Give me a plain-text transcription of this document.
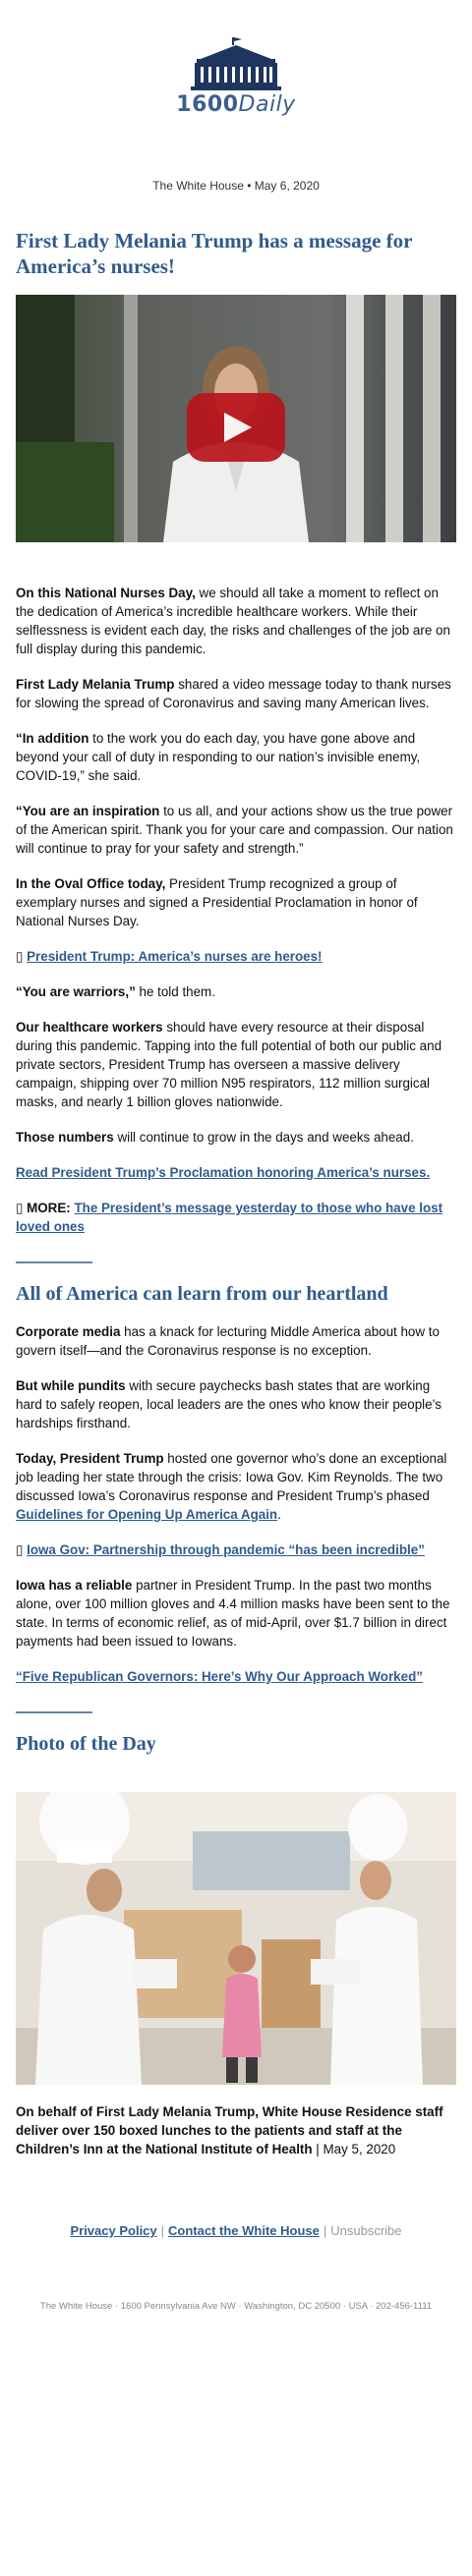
1600Daily
The White House • May 6, 2020
First Lady Melania Trump has a message for America’s nurses!

On this National Nurses Day, we should all take a moment to reflect on the dedication of America’s incredible healthcare workers. While their selflessness is evident each day, the risks and challenges of the job are on full display during this pandemic.

First Lady Melania Trump shared a video message today to thank nurses for slowing the spread of Coronavirus and saving many American lives.

“In addition to the work you do each day, you have gone above and beyond your call of duty in responding to our nation’s invisible enemy, COVID-19,” she said.

“You are an inspiration to us all, and your actions show us the true power of the American spirit. Thank you for your care and compassion. Our nation will continue to pray for your safety and strength.”

In the Oval Office today, President Trump recognized a group of exemplary nurses and signed a Presidential Proclamation in honor of National Nurses Day.

▯ President Trump: America’s nurses are heroes!

“You are warriors,” he told them.

Our healthcare workers should have every resource at their disposal during this pandemic. Tapping into the full potential of both our public and private sectors, President Trump has overseen a massive delivery campaign, shipping over 70 million N95 respirators, 112 million surgical masks, and nearly 1 billion gloves nationwide.

Those numbers will continue to grow in the days and weeks ahead.

Read President Trump’s Proclamation honoring America’s nurses.

▯ MORE: The President’s message yesterday to those who have lost loved ones

All of America can learn from our heartland

Corporate media has a knack for lecturing Middle America about how to govern itself—and the Coronavirus response is no exception.

But while pundits with secure paychecks bash states that are working hard to safely reopen, local leaders are the ones who know their people’s hardships firsthand.

Today, President Trump hosted one governor who’s done an exceptional job leading her state through the crisis: Iowa Gov. Kim Reynolds. The two discussed Iowa’s Coronavirus response and President Trump’s phased Guidelines for Opening Up America Again.

▯ Iowa Gov: Partnership through pandemic “has been incredible”

Iowa has a reliable partner in President Trump. In the past two months alone, over 100 million gloves and 4.4 million masks have been sent to the state. In terms of economic relief, as of mid-April, over $1.7 billion in direct payments had been issued to Iowans.

“Five Republican Governors: Here’s Why Our Approach Worked”

Photo of the Day

On behalf of First Lady Melania Trump, White House Residence staff deliver over 150 boxed lunches to the patients and staff at the Children’s Inn at the National Institute of Health | May 5, 2020

Privacy Policy | Contact the White House | Unsubscribe
The White House · 1600 Pennsylvania Ave NW · Washington, DC 20500 · USA · 202-456-1111
